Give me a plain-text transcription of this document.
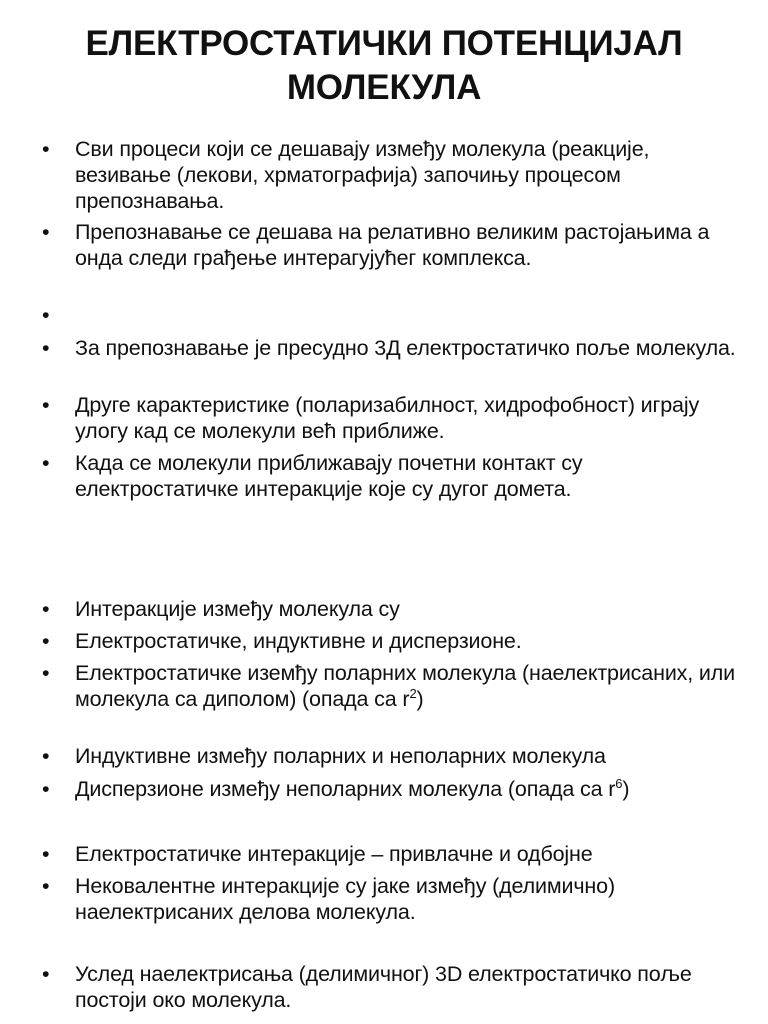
ЕЛЕКТРОСТАТИЧКИ ПОТЕНЦИЈАЛ
МОЛЕКУЛА
•	Сви процеси који се дешавају између молекула (реакције, везивање (лекови, хрматографија) започињу процесом препознавања.
•	Препознавање се дешава на релативно великим растојањима а онда следи грађење интерагујућег комплекса.
•
•	За препознавање је пресудно 3Д електростатичко поље молекула.
•	Друге карактеристике (поларизабилност, хидрофобност) играју улогу кад се молекули већ приближе.
•	Када се молекули приближавају почетни контакт су електростатичке интеракције које су дугог домета.
•	Интеракције између молекула су
•	Електростатичке, индуктивне и дисперзионе.
•	Електростатичке иземђу поларних молекула (наелектрисаних, или молекула са диполом) (опада са $r^2$)
•	Индуктивне између поларних и неполарних молекула
•	Дисперзионе између неполарних молекула (опада са $r^6$)
•	Електростатичке интеракције – привлачне и одбојне
•	Нековалентне интеракције су јаке између (делимично) наелектрисаних делова молекула.
•	Услед наелектрисања (делимичног) 3D електростатичко поље постоји око молекула.
